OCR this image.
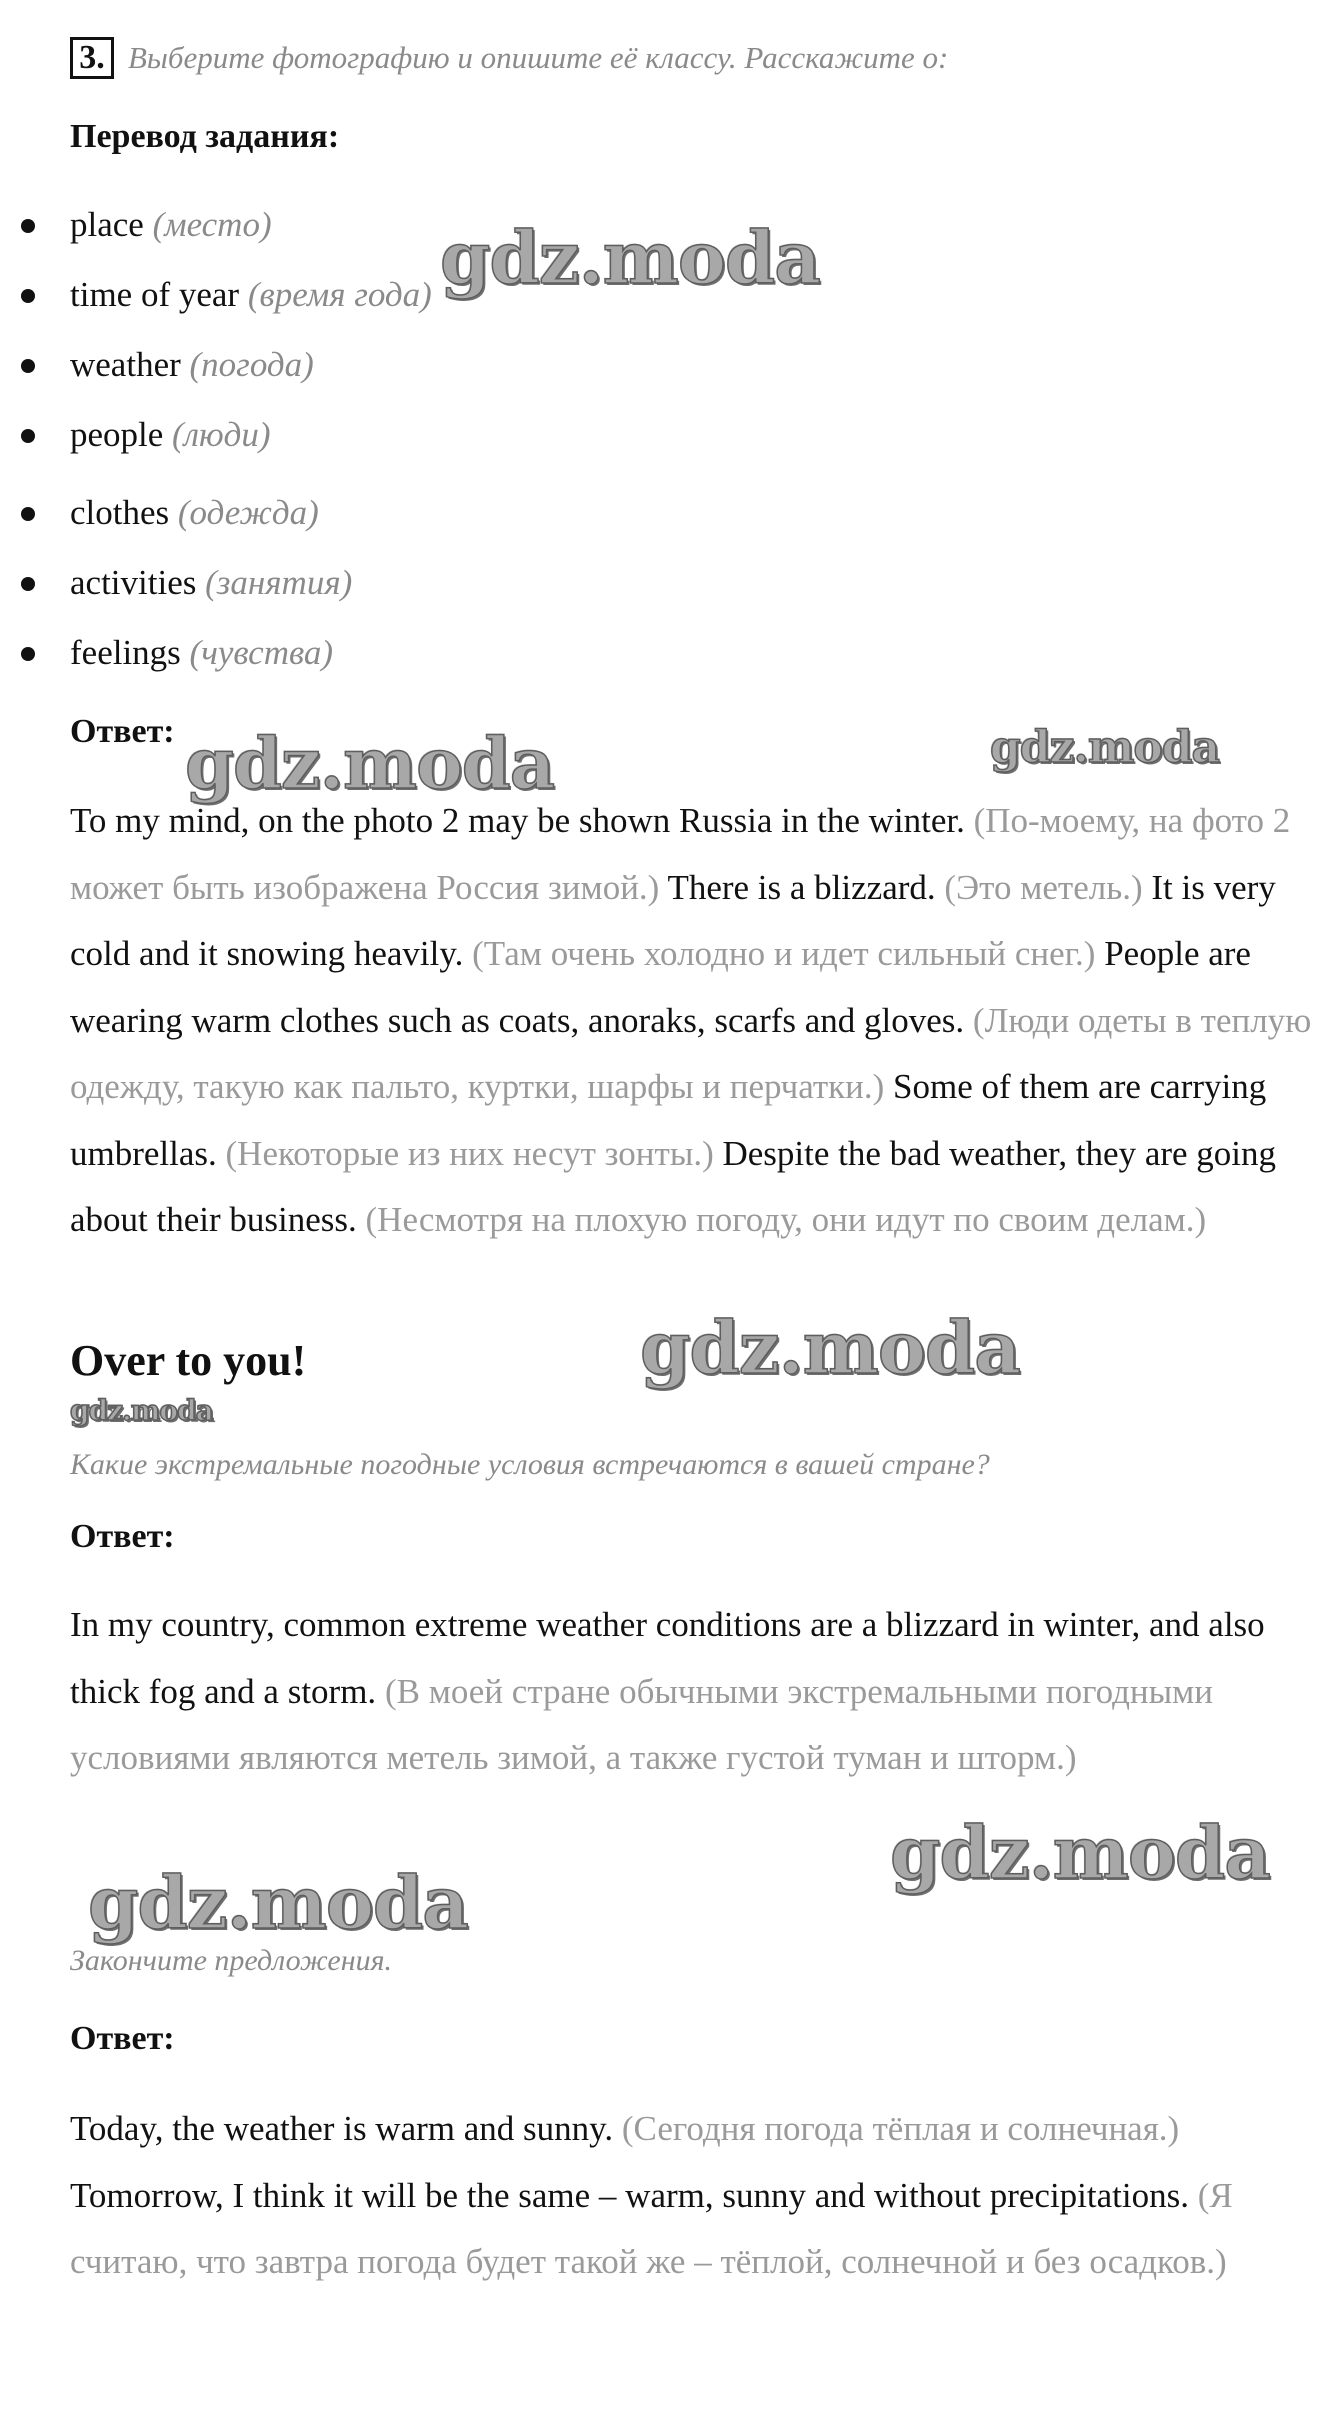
3. Выберите фотографию и опишите её классу. Расскажите о:
Перевод задания:
place (место)
time of year (время года)
weather (погода)
people (люди)
clothes (одежда)
activities (занятия)
feelings (чувства)
Ответ:

To my mind, on the photo 2 may be shown Russia in the winter. (По-моему, на фото 2 может быть изображена Россия зимой.) There is a blizzard. (Это метель.) It is very cold and it snowing heavily. (Там очень холодно и идет сильный снег.) People are wearing warm clothes such as coats, anoraks, scarfs and gloves. (Люди одеты в теплую одежду, такую как пальто, куртки, шарфы и перчатки.) Some of them are carrying umbrellas. (Некоторые из них несут зонты.) Despite the bad weather, they are going about their business. (Несмотря на плохую погоду, они идут по своим делам.)

Over to you!
Какие экстремальные погодные условия встречаются в вашей стране?
Ответ:

In my country, common extreme weather conditions are a blizzard in winter, and also thick fog and a storm. (В моей стране обычными экстремальными погодными условиями являются метель зимой, а также густой туман и шторм.)

Закончите предложения.
Ответ:

Today, the weather is warm and sunny. (Сегодня погода тёплая и солнечная.) Tomorrow, I think it will be the same – warm, sunny and without precipitations. (Я считаю, что завтра погода будет такой же – тёплой, солнечной и без осадков.)

gdz.moda
gdz.moda	gdz.moda
gdz.moda
gdz.moda
gdz.moda
gdz.moda
